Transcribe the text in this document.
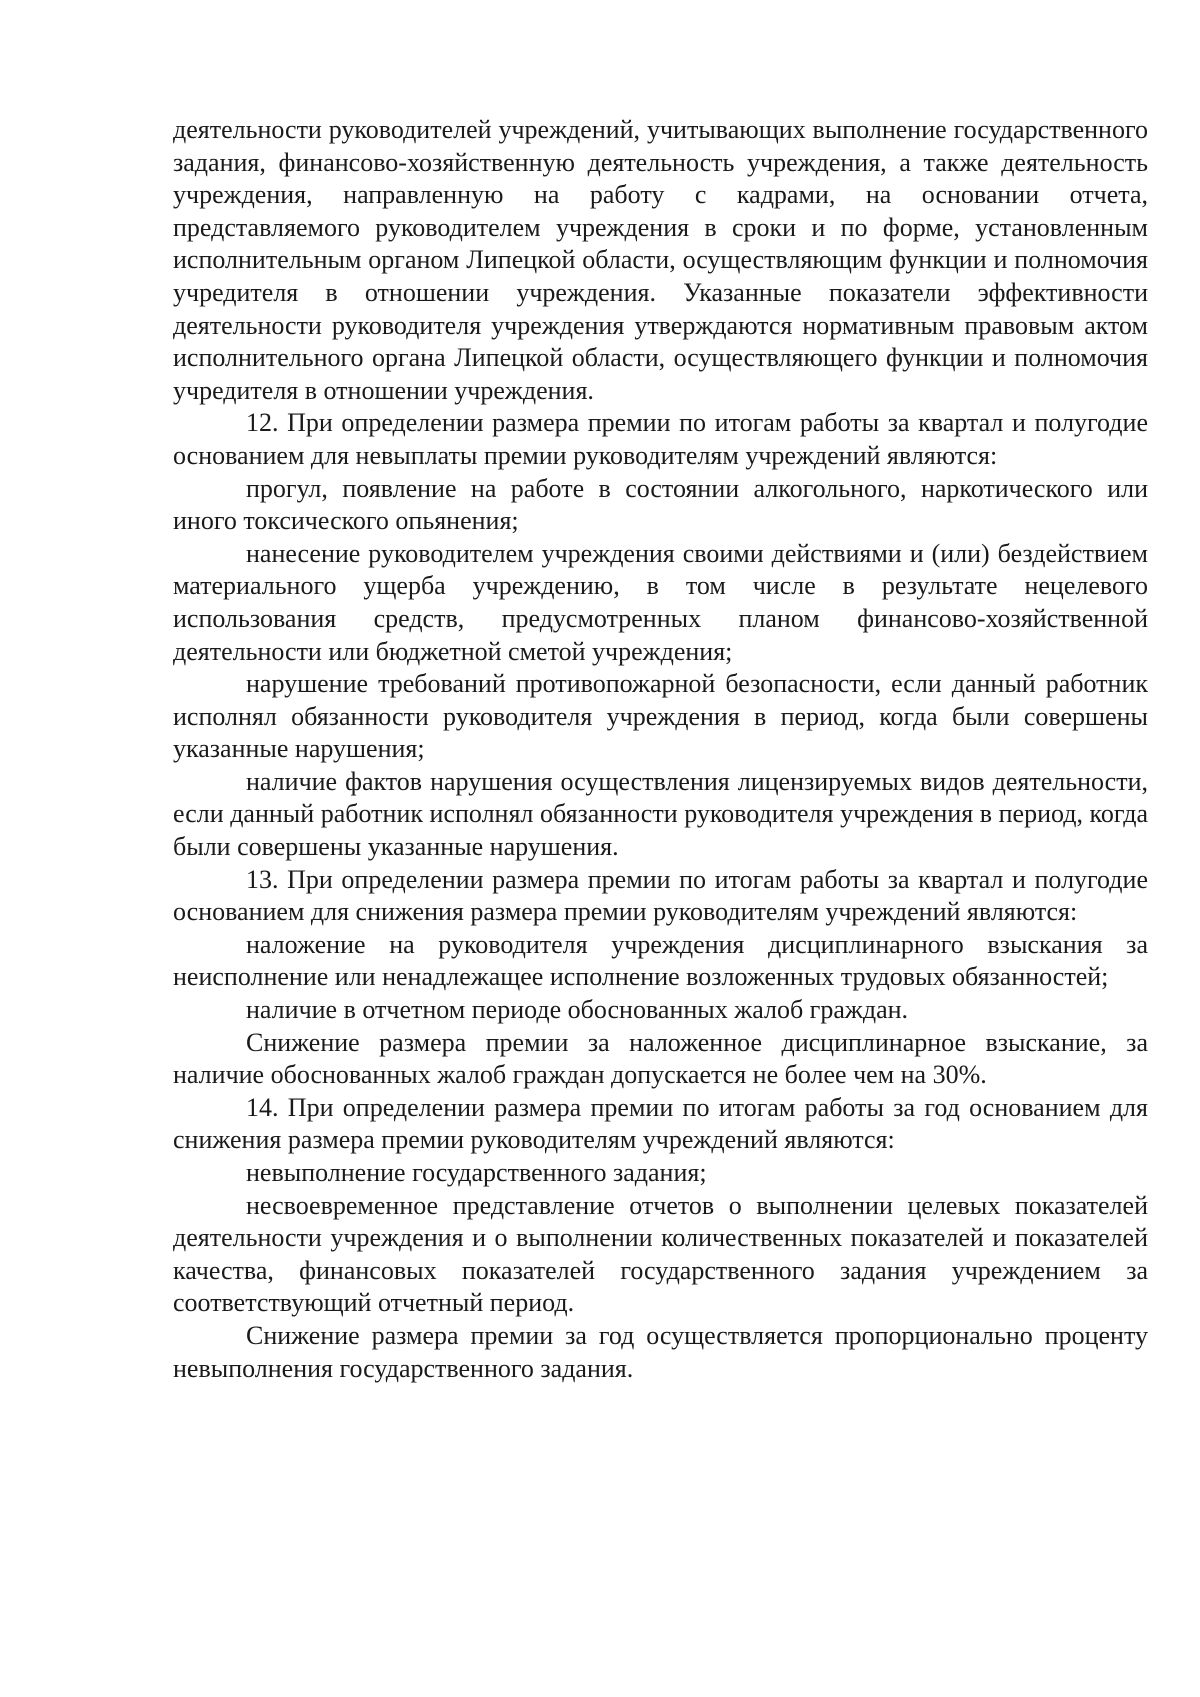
деятельности руководителей учреждений, учитывающих выполнение государственного задания, финансово-хозяйственную деятельность учреждения, а также деятельность учреждения, направленную на работу с кадрами, на основании отчета, представляемого руководителем учреждения в сроки и по форме, установленным исполнительным органом Липецкой области, осуществляющим функции и полномочия учредителя в отношении учреждения. Указанные показатели эффективности деятельности руководителя учреждения утверждаются нормативным правовым актом исполнительного органа Липецкой области, осуществляющего функции и полномочия учредителя в отношении учреждения.

12. При определении размера премии по итогам работы за квартал и полугодие основанием для невыплаты премии руководителям учреждений являются:

прогул, появление на работе в состоянии алкогольного, наркотического или иного токсического опьянения;

нанесение руководителем учреждения своими действиями и (или) бездействием материального ущерба учреждению, в том числе в результате нецелевого использования средств, предусмотренных планом финансово-хозяйственной деятельности или бюджетной сметой учреждения;

нарушение требований противопожарной безопасности, если данный работник исполнял обязанности руководителя учреждения в период, когда были совершены указанные нарушения;

наличие фактов нарушения осуществления лицензируемых видов деятельности, если данный работник исполнял обязанности руководителя учреждения в период, когда были совершены указанные нарушения.

13. При определении размера премии по итогам работы за квартал и полугодие основанием для снижения размера премии руководителям учреждений являются:

наложение на руководителя учреждения дисциплинарного взыскания за неисполнение или ненадлежащее исполнение возложенных трудовых обязанностей;

наличие в отчетном периоде обоснованных жалоб граждан.

Снижение размера премии за наложенное дисциплинарное взыскание, за наличие обоснованных жалоб граждан допускается не более чем на 30%.

14. При определении размера премии по итогам работы за год основанием для снижения размера премии руководителям учреждений являются:

невыполнение государственного задания;

несвоевременное представление отчетов о выполнении целевых показателей деятельности учреждения и о выполнении количественных показателей и показателей качества, финансовых показателей государственного задания учреждением за соответствующий отчетный период.

Снижение размера премии за год осуществляется пропорционально проценту невыполнения государственного задания.
